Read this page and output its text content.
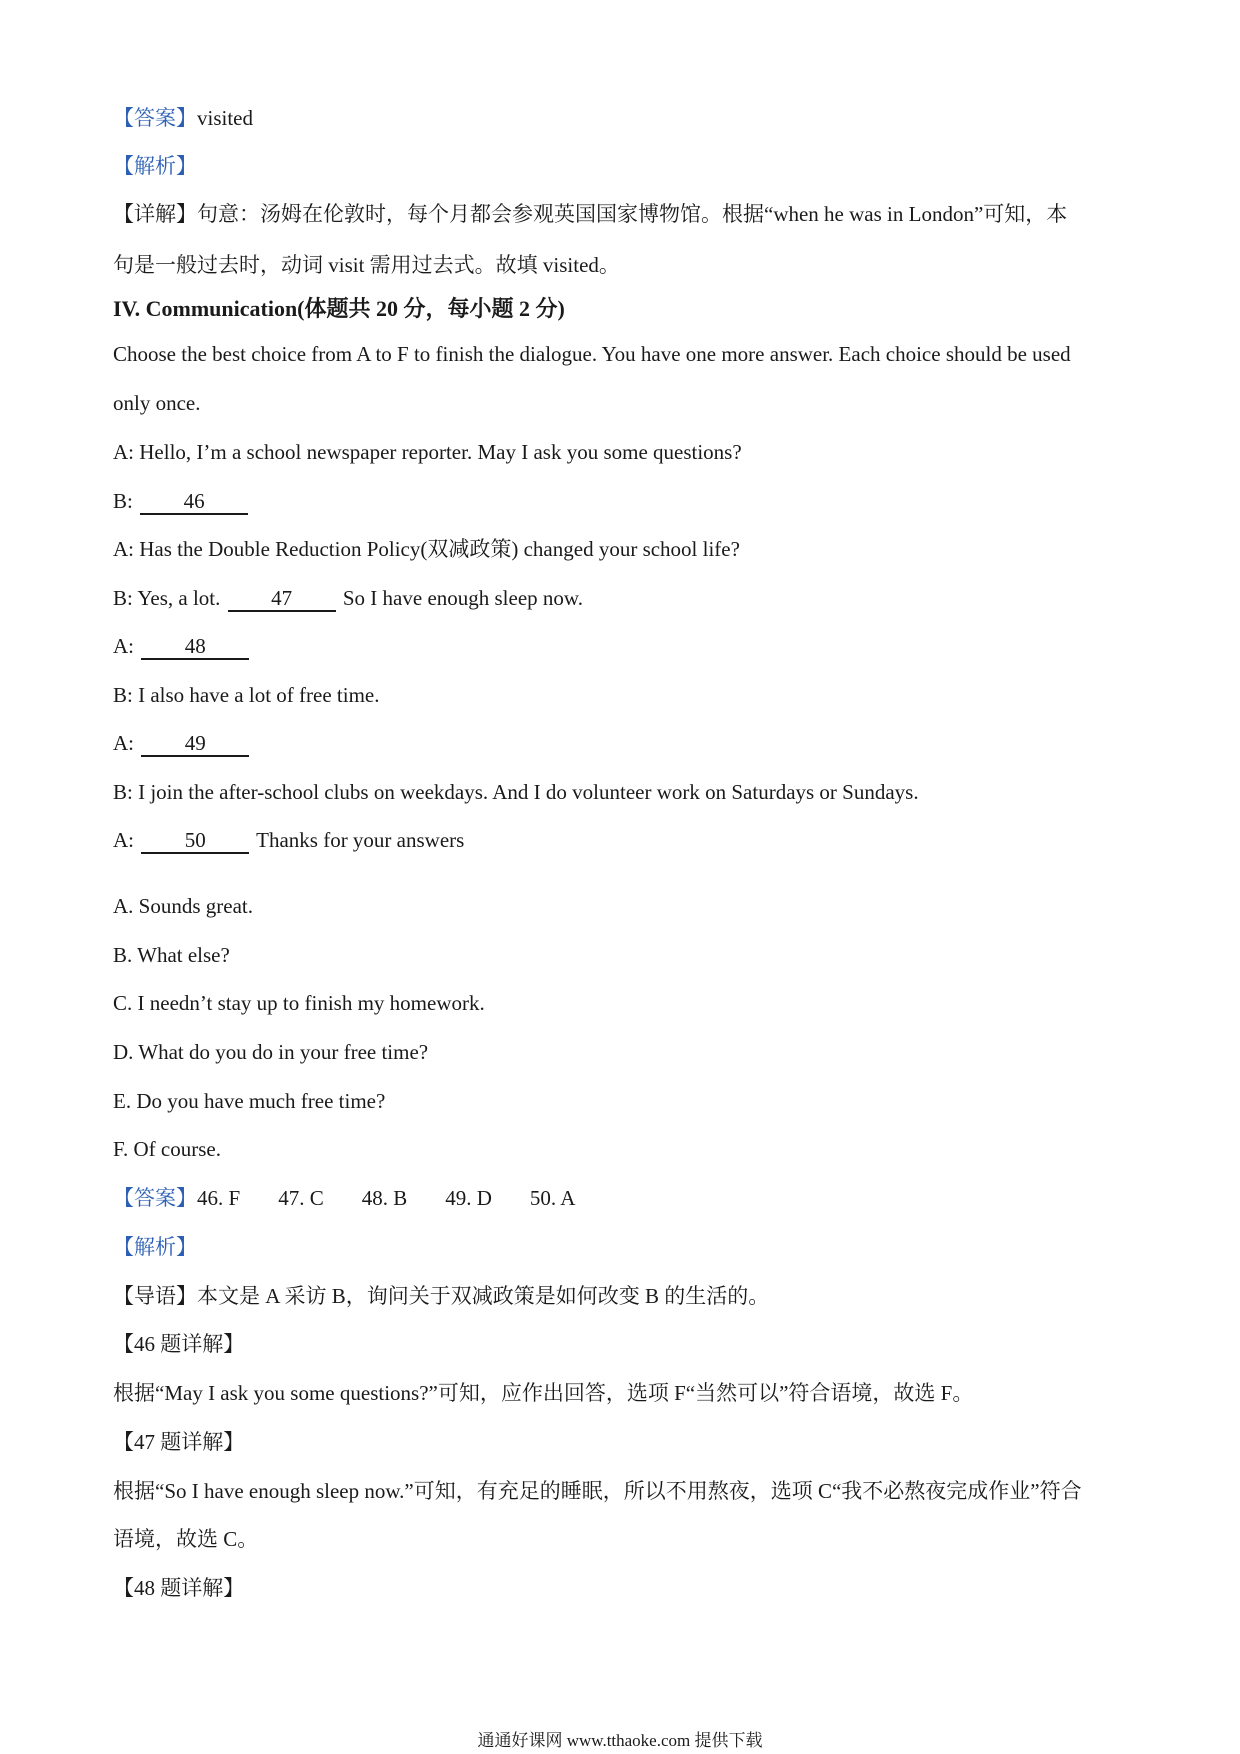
【答案】visited
【解析】
【详解】句意：汤姆在伦敦时，每个月都会参观英国国家博物馆。根据“when he was in London”可知，本
句是一般过去时，动词 visit 需用过去式。故填 visited。
IV. Communication(体题共 20 分，每小题 2 分)
Choose the best choice from A to F to finish the dialogue. You have one more answer. Each choice should be used
only once.
A: Hello, I’m a school newspaper reporter. May I ask you some questions?
B: 46
A: Has the Double Reduction Policy(双减政策) changed your school life?
B: Yes, a lot. 47 So I have enough sleep now.
A: 48
B: I also have a lot of free time.
A: 49
B: I join the after-school clubs on weekdays. And I do volunteer work on Saturdays or Sundays.
A: 50 Thanks for your answers
A. Sounds great.
B. What else?
C. I needn’t stay up to finish my homework.
D. What do you do in your free time?
E. Do you have much free time?
F. Of course.
【答案】46. F 47. C 48. B 49. D 50. A
【解析】
【导语】本文是 A 采访 B，询问关于双减政策是如何改变 B 的生活的。
【46 题详解】
根据“May I ask you some questions?”可知，应作出回答，选项 F“当然可以”符合语境，故选 F。
【47 题详解】
根据“So I have enough sleep now.”可知，有充足的睡眠，所以不用熬夜，选项 C“我不必熬夜完成作业”符合
语境，故选 C。
【48 题详解】
通通好课网 www.tthaoke.com 提供下载
